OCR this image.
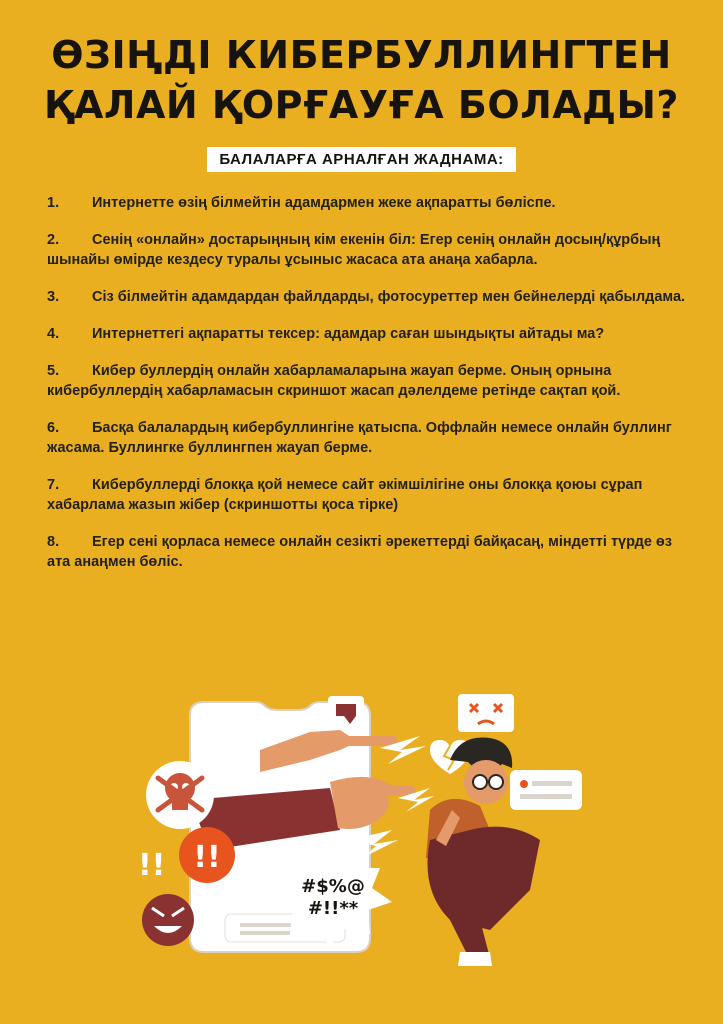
ӨЗІҢДІ КИБЕРБУЛЛИНГТЕН
ҚАЛАЙ ҚОРҒАУҒА БОЛАДЫ?
БАЛАЛАРҒА АРНАЛҒАН ЖАДНАМА:
1. Интернетте өзің білмейтін адамдармен жеке ақпаратты бөліспе.
2. Сенің «онлайн» достарыңның кім екенін біл: Егер сенің онлайн досың/құрбың шынайы өмірде кездесу туралы ұсыныс жасаса ата анаңа хабарла.
3. Сіз білмейтін адамдардан файлдарды, фотосуреттер мен бейнелерді қабылдама.
4. Интернеттегі ақпаратты тексер: адамдар саған шындықты айтады ма?
5. Кибер буллердің онлайн хабарламаларына жауап берме. Оның орнына кибербуллердің хабарламасын скриншот жасап дәлелдеме ретінде сақтап қой.
6. Басқа балалардың кибербуллингіне қатыспа. Оффлайн немесе онлайн буллинг жасама. Буллингке буллингпен жауап берме.
7. Кибербуллерді блокқа қой немесе сайт әкімшілігіне оны блокқа қоюы сұрап хабарлама жазып жібер (скриншотты қоса тірке)
8. Егер сені қорласа немесе онлайн сезікті әрекеттерді байқасаң, міндетті түрде өз ата анаңмен бөліс.
!!
!!
#$%@
#!!**
